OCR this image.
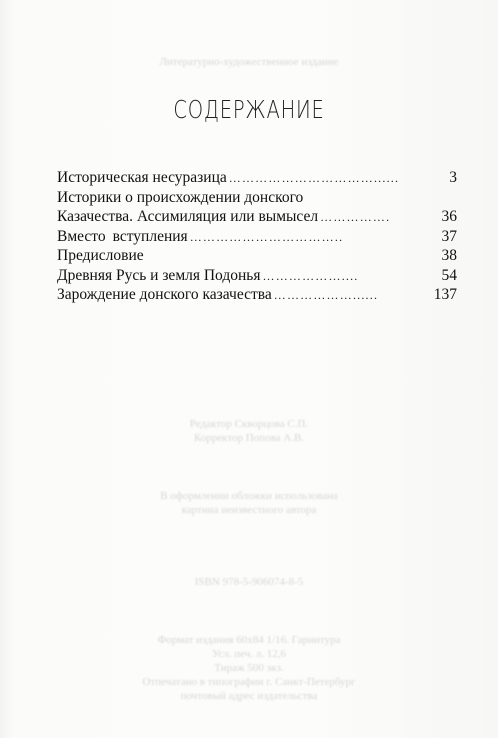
Литературно-художественное издание
СОДЕРЖАНИЕ
Историческая несуразица ……………………………......	3
Историки о происхождении донского
Казачества. Ассимиляция или вымысел …………….	36
Вместо вступления ……………………………..	37
Предисловие	38
Древняя Русь и земля Подонья ………………....	54
Зарождение донского казачества ………………......	137
Редактор Скворцова С.П.
Корректор Попова А.В.
В оформлении обложки использована
картина неизвестного автора
ISBN 978-5-906074-8-5
Формат издания 60х84 1/16. Гарнитура
Усл. печ. л. 12,6
Тираж 500 экз.
Отпечатано в типографии г. Санкт-Петербург
почтовый адрес издательства
